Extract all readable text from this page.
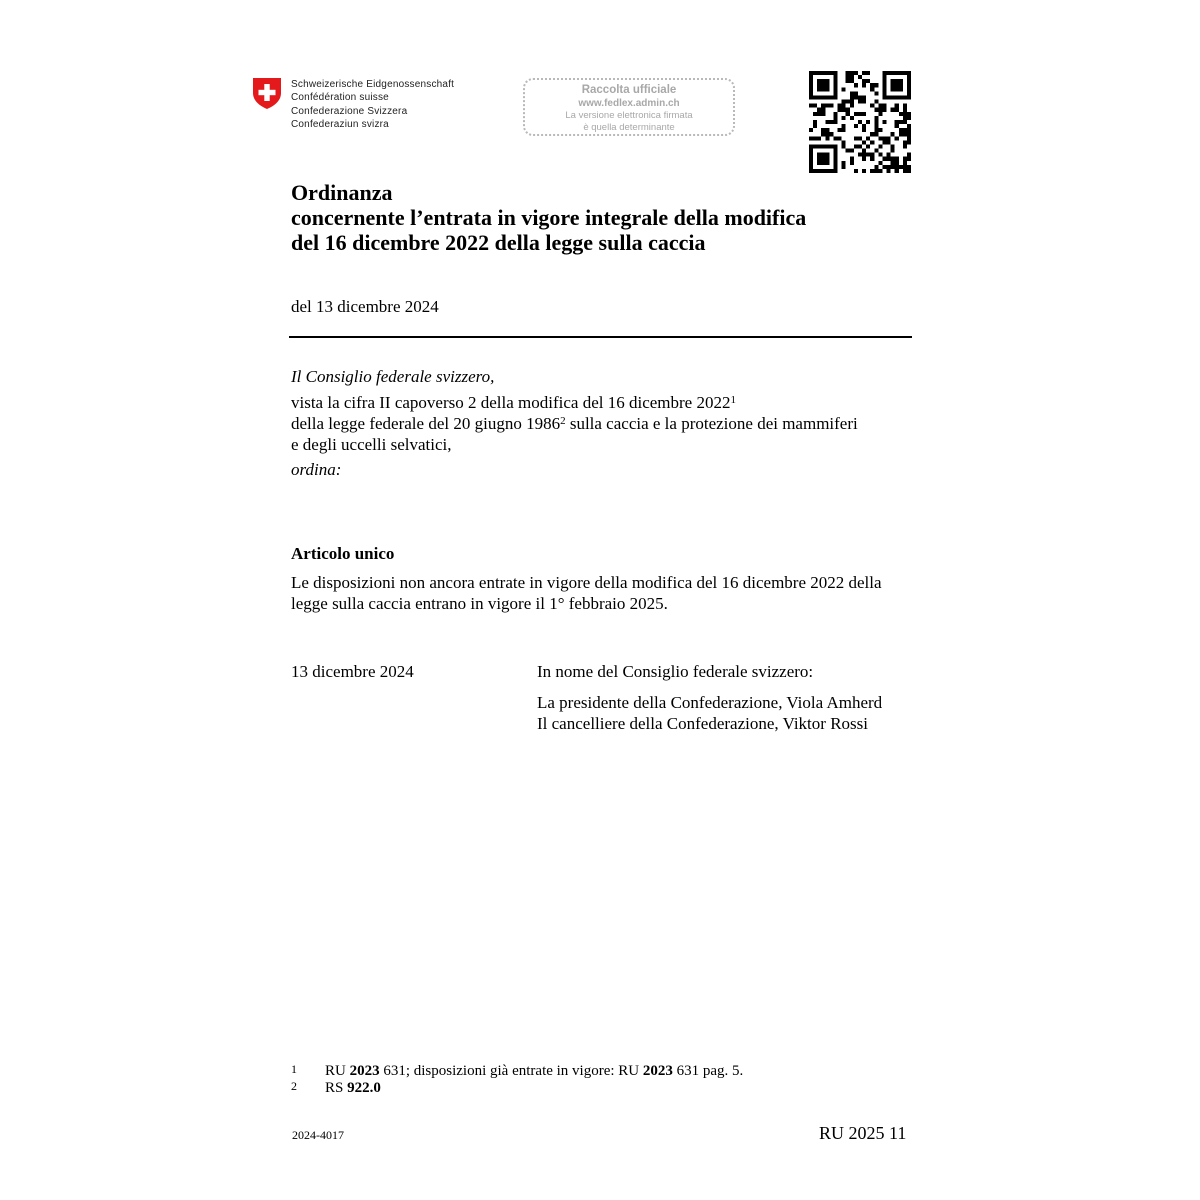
Schweizerische Eidgenossenschaft
Confédération suisse
Confederazione Svizzera
Confederaziun svizra
Raccolta ufficiale
www.fedlex.admin.ch
La versione elettronica firmata
è quella determinante
Ordinanza
concernente l’entrata in vigore integrale della modifica
del 16 dicembre 2022 della legge sulla caccia
del 13 dicembre 2024
Il Consiglio federale svizzero,
vista la cifra II capoverso 2 della modifica del 16 dicembre 2022$^1$
della legge federale del 20 giugno 1986$^2$ sulla caccia e la protezione dei mammiferi
e degli uccelli selvatici,
ordina:
Articolo unico
Le disposizioni non ancora entrate in vigore della modifica del 16 dicembre 2022 della
legge sulla caccia entrano in vigore il 1° febbraio 2025.
13 dicembre 2024	In nome del Consiglio federale svizzero:
La presidente della Confederazione, Viola Amherd
Il cancelliere della Confederazione, Viktor Rossi
1 RU 2023 631; disposizioni già entrate in vigore: RU 2023 631 pag. 5.
2 RS 922.0
2024-4017	RU 2025 11
